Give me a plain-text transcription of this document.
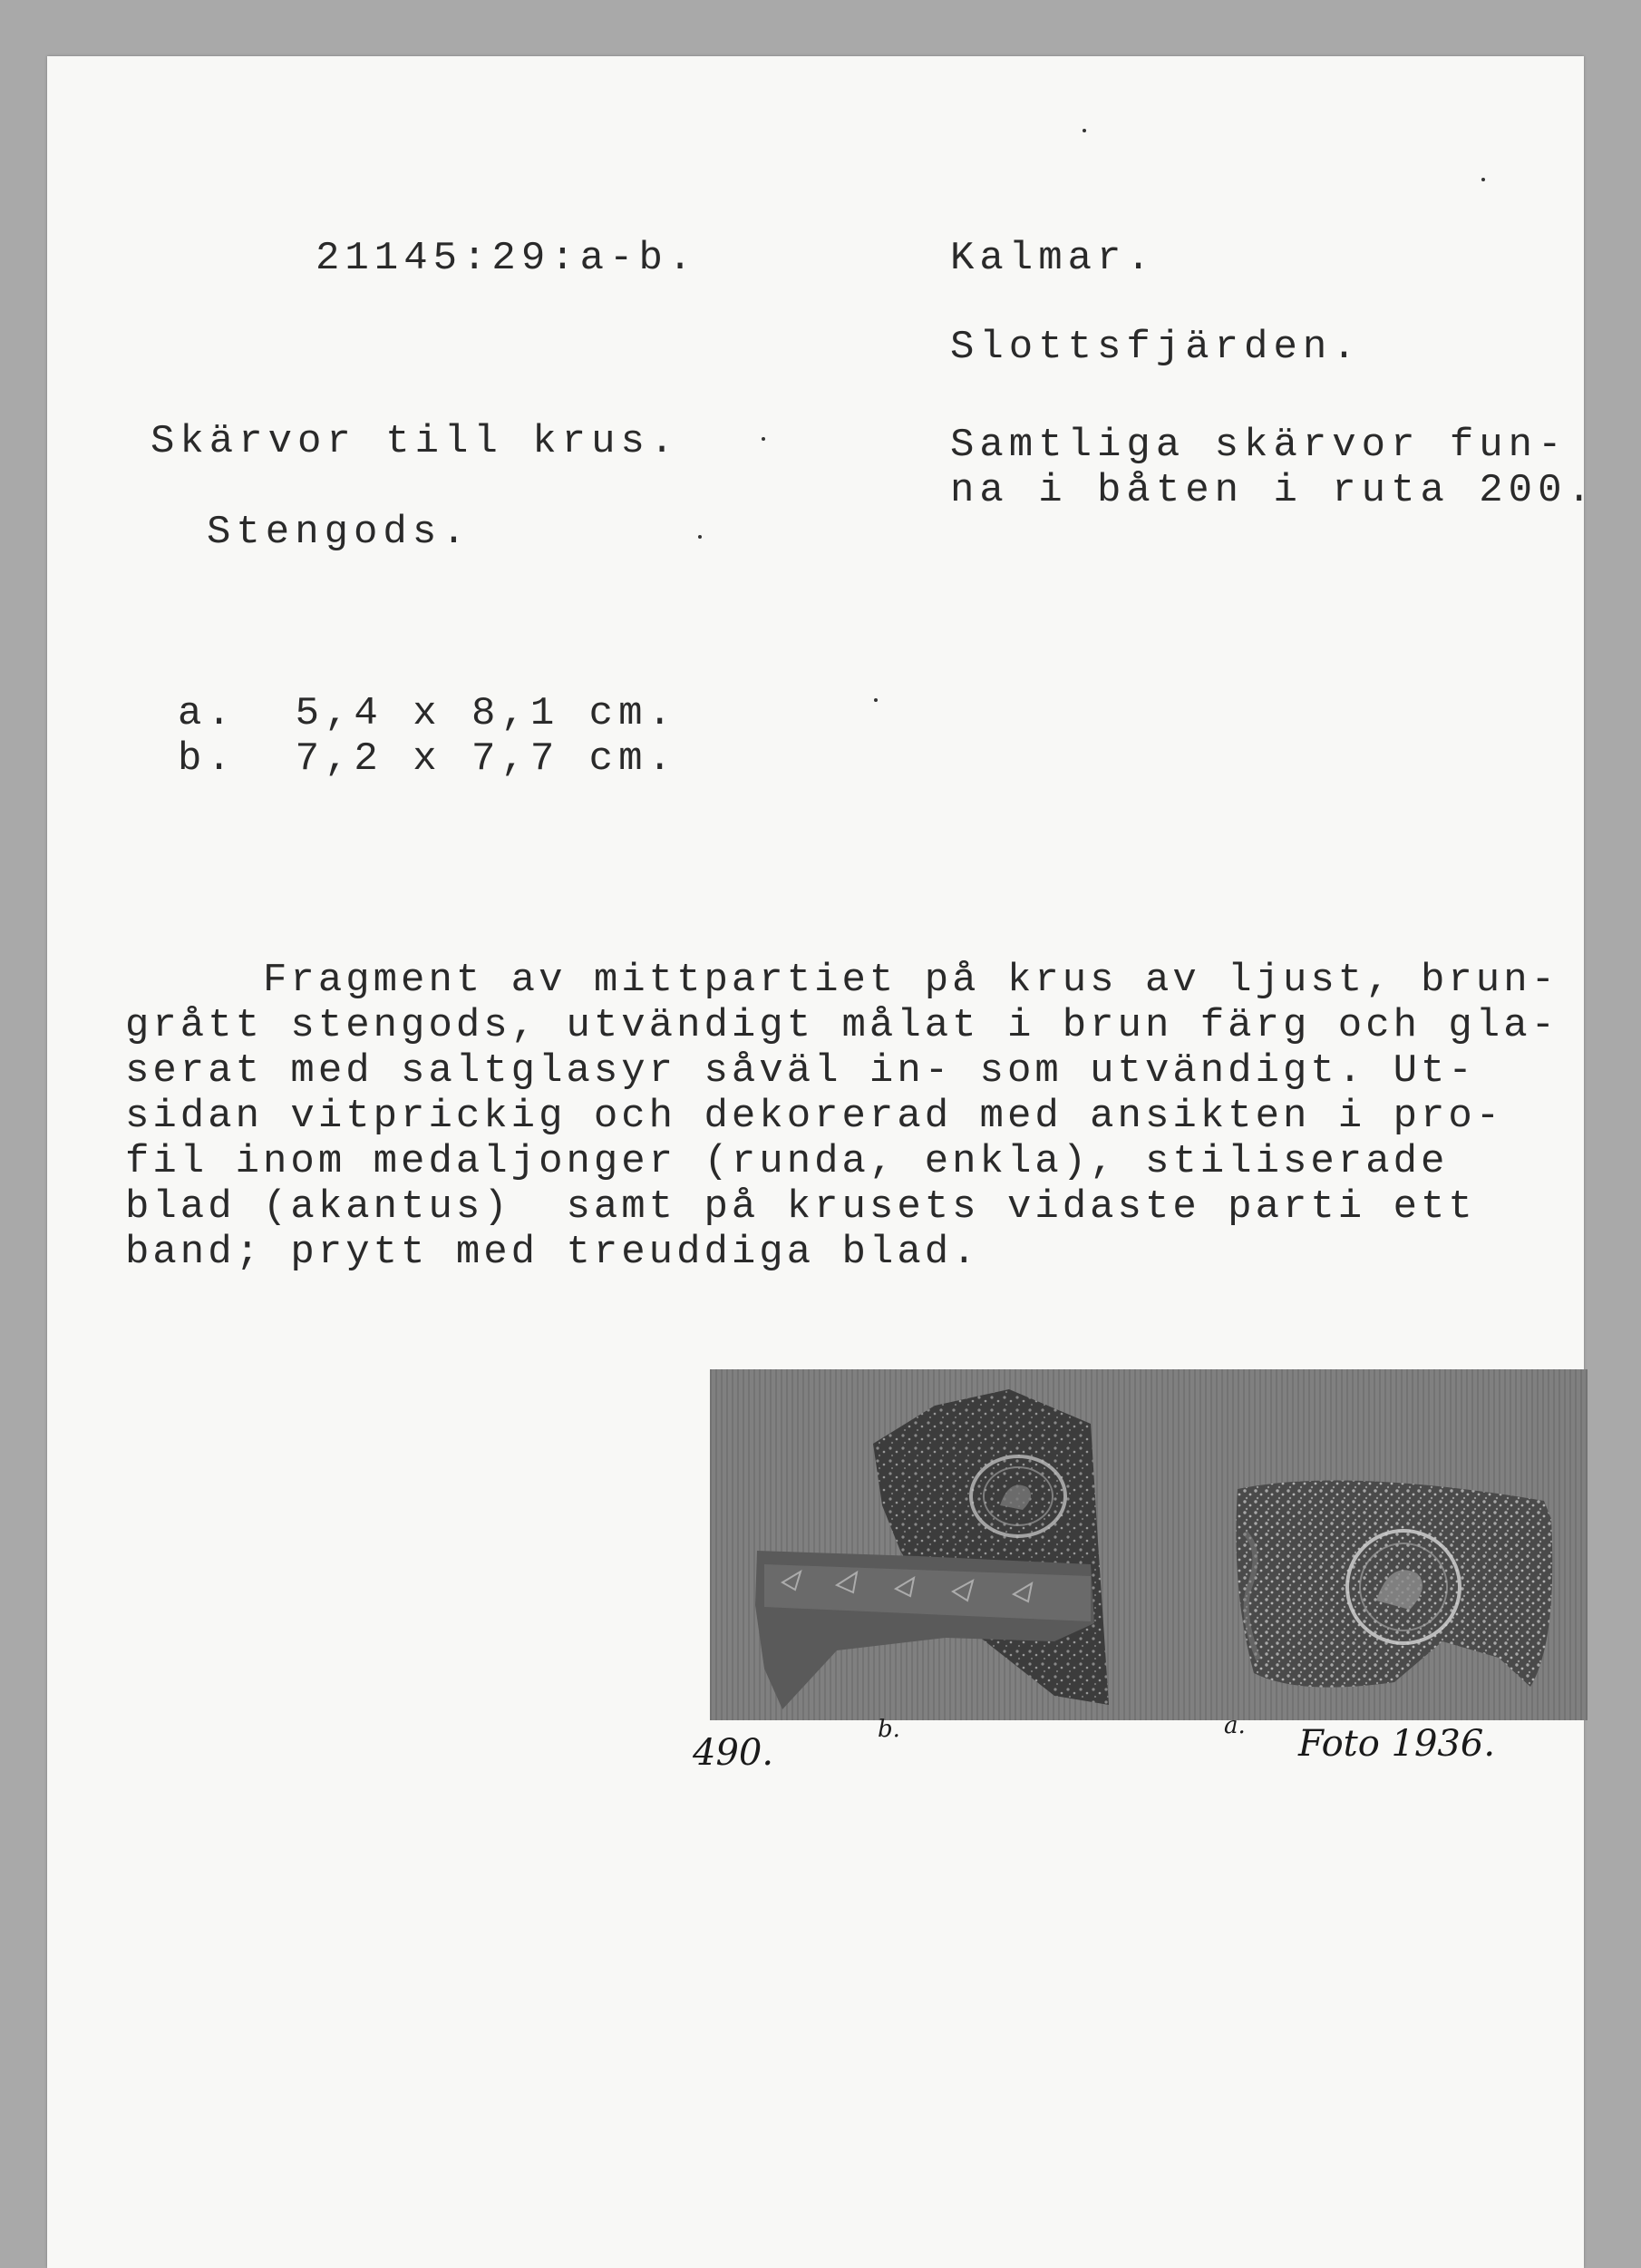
21145:29:a-b.	Kalmar.
Slottsfjärden.
Skärvor till krus.	Samtliga skärvor fun-
na i båten i ruta 200.
Stengods.
a.  5,4 x 8,1 cm.
b.  7,2 x 7,7 cm.
Fragment av mittpartiet på krus av ljust, brun-
grått stengods, utvändigt målat i brun färg och gla-
serat med saltglasyr såväl in- som utvändigt. Ut-
sidan vitprickig och dekorerad med ansikten i pro-
fil inom medaljonger (runda, enkla), stiliserade
blad (akantus)  samt på krusets vidaste parti ett
band; prytt med treuddiga blad.
490.
b.	a. Foto 1936.
